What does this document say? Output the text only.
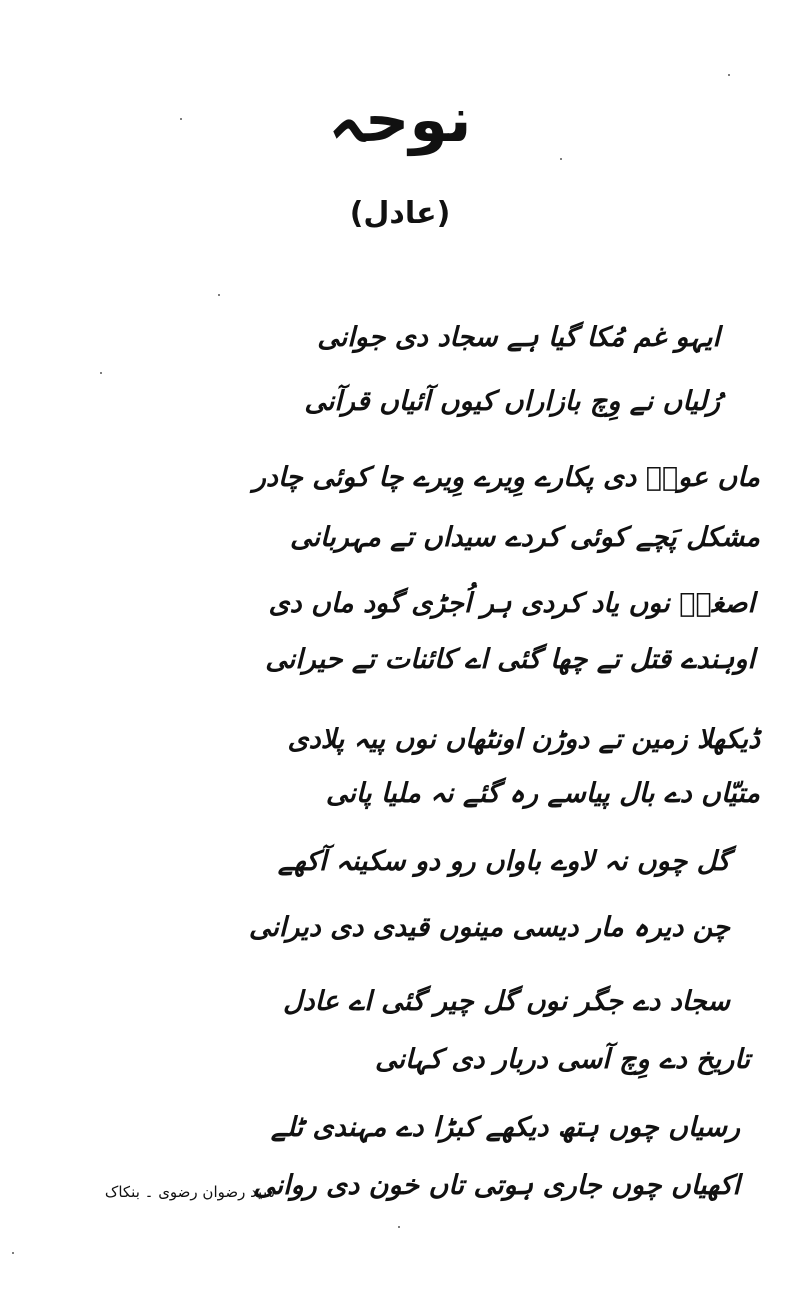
نوحہ
(عادل)
ایہو غم مُکا گیا ہے سجاد دی جوانی
رُلیاں نے وِچ بازاراں کیوں آئیاں قرآنی
ماں عونؑ دی پکارے وِیرے وِیرے چا کوئی چادر
مشکل پَچے کوئی کردے سیداں تے مہربانی
اصغرؑ نوں یاد کردی ہر اُجڑی گود ماں دی
اوہندے قتل تے چھا گئی اے کائنات تے حیرانی
ڈیکھلا زمین تے دوڑن اونٹھاں نوں پیہ پلادی
متیّاں دے بال پیاسے رہ گئے نہ ملیا پانی
گل چوں نہ لاوے باواں رو دو سکینہ آکھے
چن دیرہ مار دیسی مینوں قیدی دی دیرانی
سجاد دے جگر نوں گل چیر گئی اے عادل
تاریخ دے وِچ آسی دربار دی کہانی
رسیاں چوں ہتھ دیکھے کبڑا دے مہندی ٹلے
اکھیاں چوں جاری ہوتی تاں خون دی روانی
سید رضوان رضوی ۔ بنکاک
